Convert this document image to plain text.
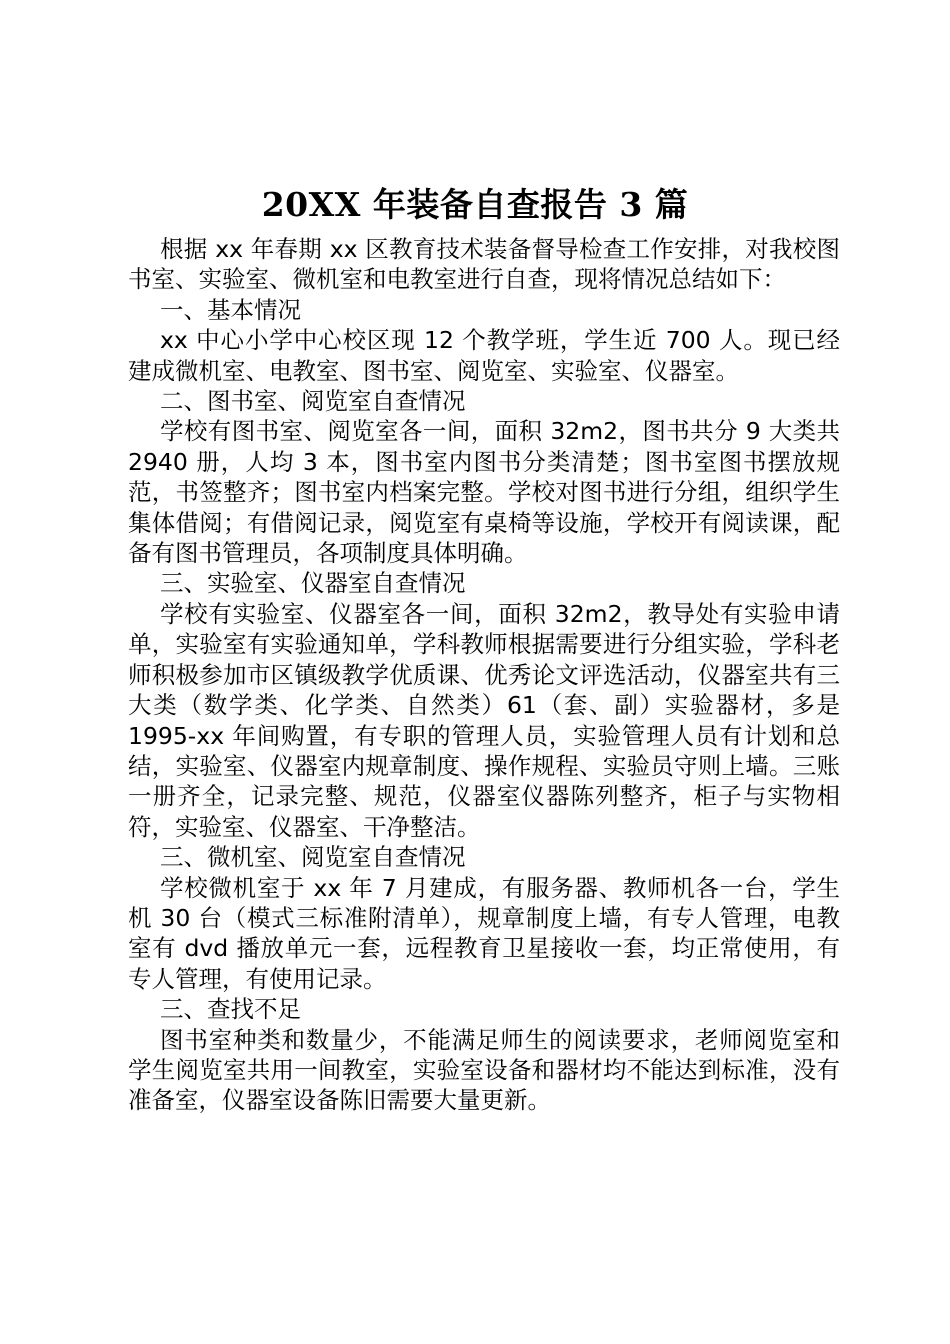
20XX 年装备自查报告 3 篇

根据 xx 年春期 xx 区教育技术装备督导检查工作安排，对我校图书室、实验室、微机室和电教室进行自查，现将情况总结如下：

一、基本情况

xx 中心小学中心校区现 12 个教学班，学生近 700 人。现已经建成微机室、电教室、图书室、阅览室、实验室、仪器室。

二、图书室、阅览室自查情况

学校有图书室、阅览室各一间，面积 32m2，图书共分 9 大类共 2940 册，人均 3 本，图书室内图书分类清楚；图书室图书摆放规范，书签整齐；图书室内档案完整。学校对图书进行分组，组织学生集体借阅；有借阅记录，阅览室有桌椅等设施，学校开有阅读课，配备有图书管理员，各项制度具体明确。

三、实验室、仪器室自查情况

学校有实验室、仪器室各一间，面积 32m2，教导处有实验申请单，实验室有实验通知单，学科教师根据需要进行分组实验，学科老师积极参加市区镇级教学优质课、优秀论文评选活动，仪器室共有三大类（数学类、化学类、自然类）61（套、副）实验器材，多是 1995-xx 年间购置，有专职的管理人员，实验管理人员有计划和总结，实验室、仪器室内规章制度、操作规程、实验员守则上墙。三账一册齐全，记录完整、规范，仪器室仪器陈列整齐，柜子与实物相符，实验室、仪器室、干净整洁。

三、微机室、阅览室自查情况

学校微机室于 xx 年 7 月建成，有服务器、教师机各一台，学生机 30 台（模式三标准附清单），规章制度上墙，有专人管理，电教室有 dvd 播放单元一套，远程教育卫星接收一套，均正常使用，有专人管理，有使用记录。

三、查找不足

图书室种类和数量少，不能满足师生的阅读要求，老师阅览室和学生阅览室共用一间教室，实验室设备和器材均不能达到标准，没有准备室，仪器室设备陈旧需要大量更新。
